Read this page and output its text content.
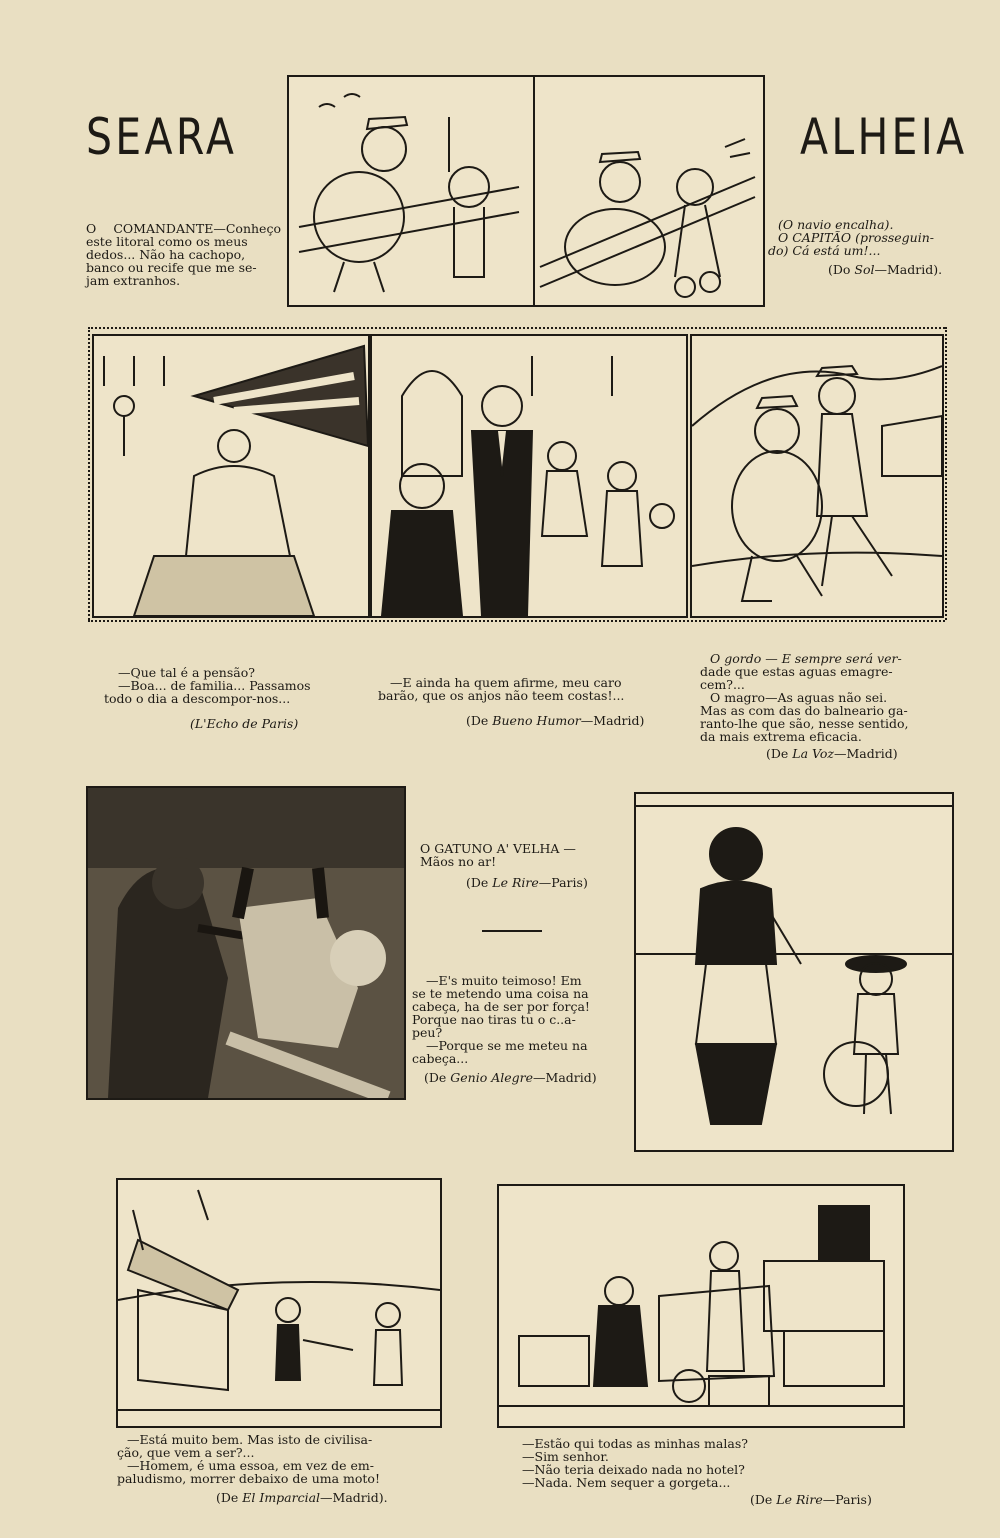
SEARA	ALHEIA

O COMANDANTE—Conheço este litoral como os meus

dedos... Não ha cachopo,

banco ou recife que me se-

jam extranhos.

(O navio encalha).

O CAPITÃO (prosseguin-

do) Cá está um!...

(Do Sol—Madrid).

—Que tal é a pensão?

—Boa... de familia... Passamos

todo o dia a descompor-nos...

(L'Echo de Paris)

—E ainda ha quem afirme, meu caro

barão, que os anjos não teem costas!...

(De Bueno Humor—Madrid)

O gordo — E sempre será ver-

dade que estas aguas emagre-

cem?...

O magro—As aguas não sei.

Mas as com das do balneario ga-

ranto-lhe que são, nesse sentido,

da mais extrema eficacia.

(De La Voz—Madrid)

O GATUNO A' VELHA —

Mãos no ar!

(De Le Rire—Paris)

—E's muito teimoso! Em

se te metendo uma coisa na

cabeça, ha de ser por força!

Porque nao tiras tu o c..a-

peu?

—Porque se me meteu na

cabeça...

(De Genio Alegre—Madrid)

—Está muito bem. Mas isto de civilisa-

ção, que vem a ser?...

—Homem, é uma essoa, em vez de em-

paludismo, morrer debaixo de uma moto!

(De El Imparcial—Madrid).

—Estão qui todas as minhas malas?

—Sim senhor.

—Não teria deixado nada no hotel?

—Nada. Nem sequer a gorgeta...

(De Le Rire—Paris)
